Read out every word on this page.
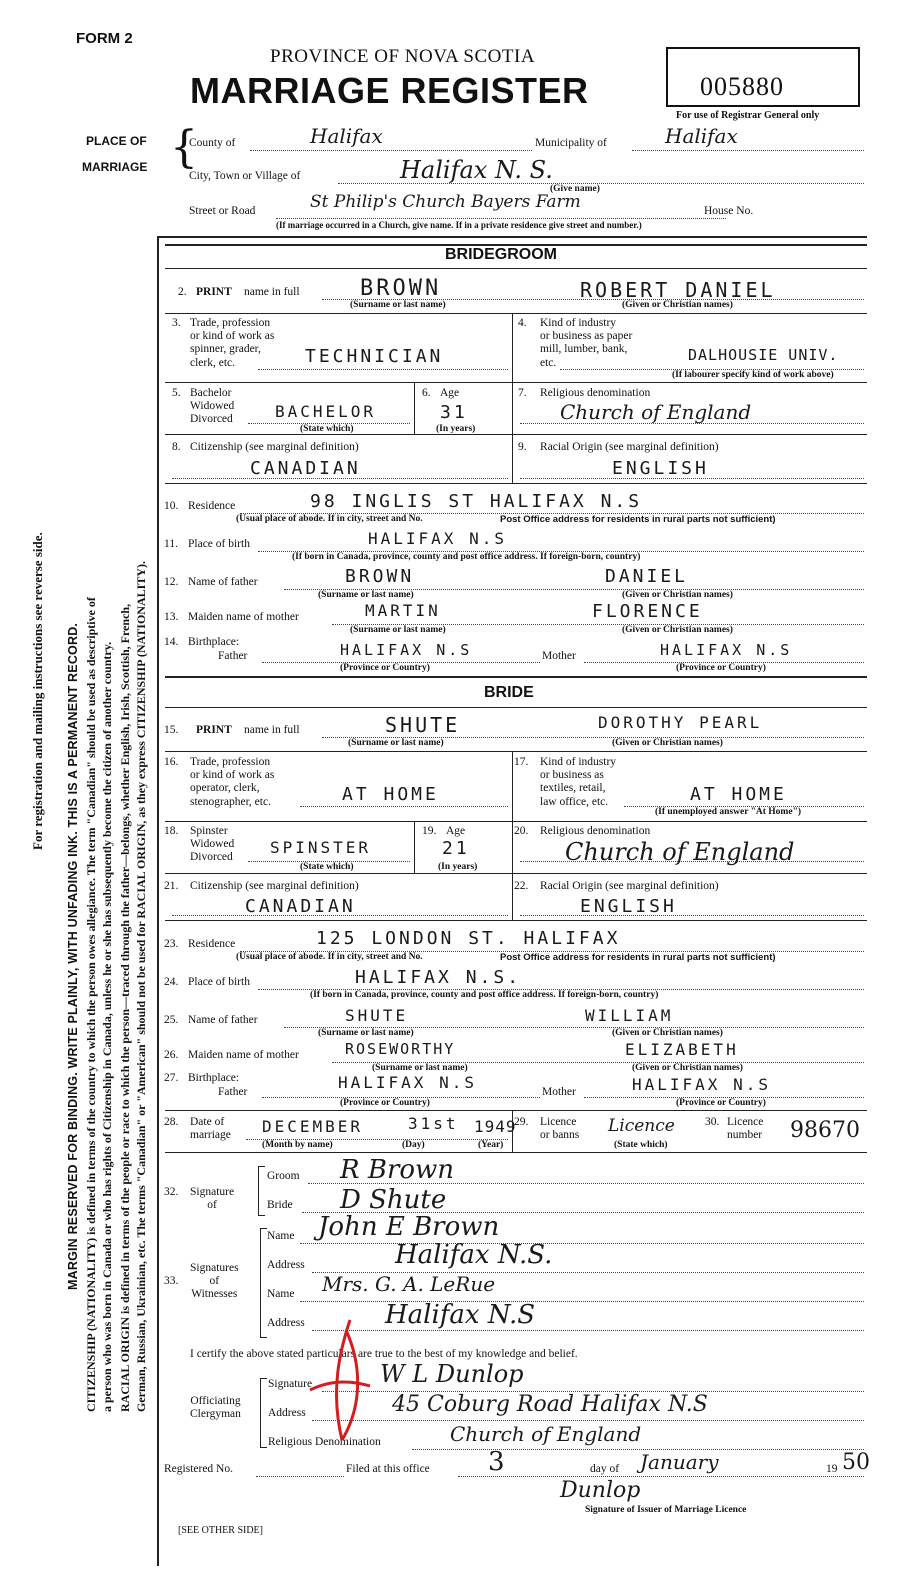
FORM 2
PROVINCE OF NOVA SCOTIA
MARRIAGE REGISTER	005880
For use of Registrar General only
MARGIN RESERVED FOR BINDING. WRITE PLAINLY, WITH UNFADING INK. THIS IS A PERMANENT RECORD.
For registration and mailing instructions see reverse side.	CITIZENSHIP (NATIONALITY) is defined in terms of the country to which the person owes allegiance. The term "Canadian" should be used as descriptive of a person who was born in Canada or who has rights of Citizenship in Canada, unless he or she has subsequently become the citizen of another country. RACIAL ORIGIN is defined in terms of the people or race to which the person—traced through the father—belongs, whether English, Irish, Scottish, French, German, Russian, Ukrainian, etc. The terms "Canadian" or "American" should not be used for RACIAL ORIGIN, as they express CITIZENSHIP (NATIONALITY).
PLACE OF
MARRIAGE {
County of	Halifax	Municipality of	Halifax
City, Town or Village of	Halifax N. S.
(Give name)
Street or Road	St Philip's Church Bayers Farm	House No.
(If marriage occurred in a Church, give name. If in a private residence give street and number.)
BRIDEGROOM
2. PRINT name in full	BROWN	ROBERT DANIEL
(Surname or last name)	(Given or Christian names)
3. Trade, profession
or kind of work as
spinner, grader,
clerk, etc.	TECHNICIAN
4. Kind of industry
or business as paper
mill, lumber, bank,
etc.	DALHOUSIE UNIV.
(If labourer specify kind of work above)
5. Bachelor
Widowed
Divorced	BACHELOR
(State which)
6. Age
31
(In years)
7. Religious denomination
Church of England
8. Citizenship (see marginal definition)
CANADIAN
9. Racial Origin (see marginal definition)
ENGLISH
10. Residence	98 INGLIS ST HALIFAX N.S
(Usual place of abode. If in city, street and No.	Post Office address for residents in rural parts not sufficient)
11. Place of birth	HALIFAX N.S
(If born in Canada, province, county and post office address. If foreign-born, country)
12. Name of father	BROWN	DANIEL
(Surname or last name)	(Given or Christian names)
13. Maiden name of mother	MARTIN	FLORENCE
(Surname or last name)	(Given or Christian names)
14. Birthplace:
Father	HALIFAX N.S	Mother	HALIFAX N.S
(Province or Country)	(Province or Country)
BRIDE
15. PRINT name in full	SHUTE	DOROTHY PEARL
(Surname or last name)	(Given or Christian names)
16. Trade, profession
or kind of work as
operator, clerk,
stenographer, etc.	AT HOME
17. Kind of industry
or business as
textiles, retail,
law office, etc.	AT HOME
(If unemployed answer "At Home")
18. Spinster
Widowed
Divorced
SPINSTER
(State which)
19. Age
21
(In years)
20. Religious denomination
Church of England
21. Citizenship (see marginal definition)
CANADIAN
22. Racial Origin (see marginal definition)
ENGLISH
23. Residence	125 LONDON ST. HALIFAX
(Usual place of abode. If in city, street and No.	Post Office address for residents in rural parts not sufficient)
24. Place of birth	HALIFAX N.S.
(If born in Canada, province, county and post office address. If foreign-born, country)
25. Name of father	SHUTE	WILLIAM
(Surname or last name)	(Given or Christian names)
26. Maiden name of mother	ROSEWORTHY	ELIZABETH
(Surname or last name)	(Given or Christian names)
27. Birthplace:
Father	HALIFAX N.S	Mother	HALIFAX N.S
(Province or Country)	(Province or Country)
28. Date of
marriage DECEMBER	31st 1949
(Month by name)	(Day)	(Year)
29. Licence
or banns Licence
(State which)
30. Licence
number 98670
32. Signature
of
Groom R Brown
Bride D Shute
33.
Signatures
of
Witnesses
Name John E Brown
Address	Halifax N.S.
Name Mrs. G. A. LeRue
Address	Halifax N.S
I certify the above stated particulars are true to the best of my knowledge and belief.
Officiating
Clergyman
Signature	W L Dunlop
Address	45 Coburg Road Halifax N.S
Religious Denomination	Church of England
Registered No.	Filed at this office 3	day of January	19 50
Dunlop
Signature of Issuer of Marriage Licence
[SEE OTHER SIDE]
